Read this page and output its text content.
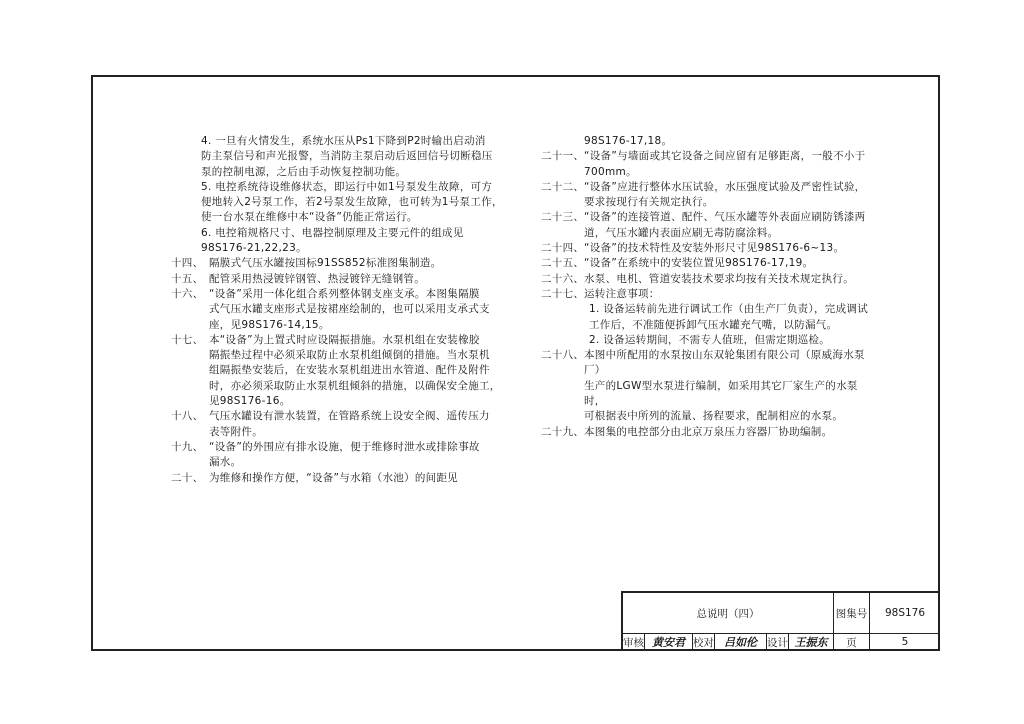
4. 一旦有火情发生，系统水压从Ps1下降到P2时输出启动消
防主泵信号和声光报警，当消防主泵启动后返回信号切断稳压
泵的控制电源，之后由手动恢复控制功能。
5. 电控系统待设维修状态，即运行中如1号泵发生故障，可方
便地转入2号泵工作，若2号泵发生故障，也可转为1号泵工作，
使一台水泵在维修中本“设备”仍能正常运行。
6. 电控箱规格尺寸、电器控制原理及主要元件的组成见
98S176-21,22,23。
十四、 隔膜式气压水罐按国标91SS852标准图集制造。
十五、 配管采用热浸镀锌钢管、热浸镀锌无缝钢管。
十六、 “设备”采用一体化组合系列整体钢支座支承。本图集隔膜
式气压水罐支座形式是按裙座绘制的，也可以采用支承式支
座，见98S176-14,15。
十七、 本“设备”为上置式时应设隔振措施。水泵机组在安装橡胶
隔振垫过程中必须采取防止水泵机组倾倒的措施。当水泵机
组隔振垫安装后，在安装水泵机组进出水管道、配件及附件
时，亦必须采取防止水泵机组倾斜的措施，以确保安全施工，
见98S176-16。
十八、 气压水罐设有泄水装置，在管路系统上设安全阀、遥传压力
表等附件。
十九、 “设备”的外围应有排水设施，便于维修时泄水或排除事故
漏水。
二十、 为维修和操作方便，“设备”与水箱（水池）的间距见
98S176-17,18。
二十一、 “设备”与墙面或其它设备之间应留有足够距离，一般不小于
700mm。
二十二、 “设备”应进行整体水压试验，水压强度试验及严密性试验，
要求按现行有关规定执行。
二十三、 “设备”的连接管道、配件、气压水罐等外表面应刷防锈漆两
道，气压水罐内表面应刷无毒防腐涂料。
二十四、 “设备”的技术特性及安装外形尺寸见98S176-6~13。
二十五、 “设备”在系统中的安装位置见98S176-17,19。
二十六、 水泵、电机、管道安装技术要求均按有关技术规定执行。
二十七、 运转注意事项：
1. 设备运转前先进行调试工作（由生产厂负责），完成调试
工作后，不准随便拆卸气压水罐充气嘴，以防漏气。
2. 设备运转期间，不需专人值班，但需定期巡检。
二十八、 本图中所配用的水泵按山东双轮集团有限公司（原威海水泵厂）
生产的LGW型水泵进行编制，如采用其它厂家生产的水泵时，
可根据表中所列的流量、扬程要求，配制相应的水泵。
二十九、 本图集的电控部分由北京万泉压力容器厂协助编制。
总说明（四）	图集号	98S176
审核 黄安君 校对 吕如伦 设计 王振东	页	5
